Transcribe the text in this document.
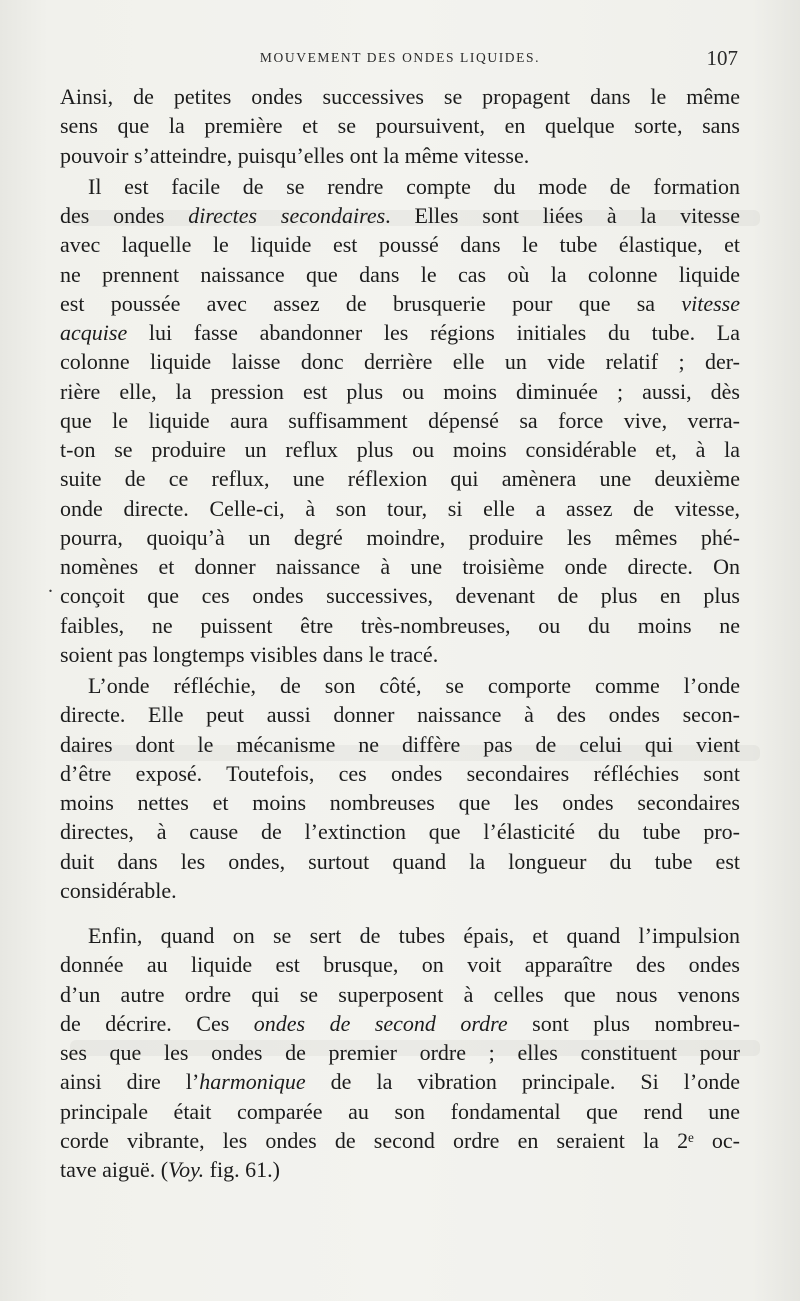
MOUVEMENT DES ONDES LIQUIDES.	107
.

Ainsi, de petites ondes successives se propagent dans le même
sens que la première et se poursuivent, en quelque sorte, sans
pouvoir s’atteindre, puisqu’elles ont la même vitesse.

Il est facile de se rendre compte du mode de formation
des ondes directes secondaires. Elles sont liées à la vitesse
avec laquelle le liquide est poussé dans le tube élastique, et
ne prennent naissance que dans le cas où la colonne liquide
est poussée avec assez de brusquerie pour que sa vitesse
acquise lui fasse abandonner les régions initiales du tube. La
colonne liquide laisse donc derrière elle un vide relatif ; der-
rière elle, la pression est plus ou moins diminuée ; aussi, dès
que le liquide aura suffisamment dépensé sa force vive, verra-
t-on se produire un reflux plus ou moins considérable et, à la
suite de ce reflux, une réflexion qui amènera une deuxième
onde directe. Celle-ci, à son tour, si elle a assez de vitesse,
pourra, quoiqu’à un degré moindre, produire les mêmes phé-
nomènes et donner naissance à une troisième onde directe. On
conçoit que ces ondes successives, devenant de plus en plus
faibles, ne puissent être très-nombreuses, ou du moins ne
soient pas longtemps visibles dans le tracé.

L’onde réfléchie, de son côté, se comporte comme l’onde
directe. Elle peut aussi donner naissance à des ondes secon-
daires dont le mécanisme ne diffère pas de celui qui vient
d’être exposé. Toutefois, ces ondes secondaires réfléchies sont
moins nettes et moins nombreuses que les ondes secondaires
directes, à cause de l’extinction que l’élasticité du tube pro-
duit dans les ondes, surtout quand la longueur du tube est
considérable.

Enfin, quand on se sert de tubes épais, et quand l’impulsion
donnée au liquide est brusque, on voit apparaître des ondes
d’un autre ordre qui se superposent à celles que nous venons
de décrire. Ces ondes de second ordre sont plus nombreu-
ses que les ondes de premier ordre ; elles constituent pour
ainsi dire l’harmonique de la vibration principale. Si l’onde
principale était comparée au son fondamental que rend une
corde vibrante, les ondes de second ordre en seraient la 2ᵉ oc-
tave aiguë. (Voy. fig. 61.)
